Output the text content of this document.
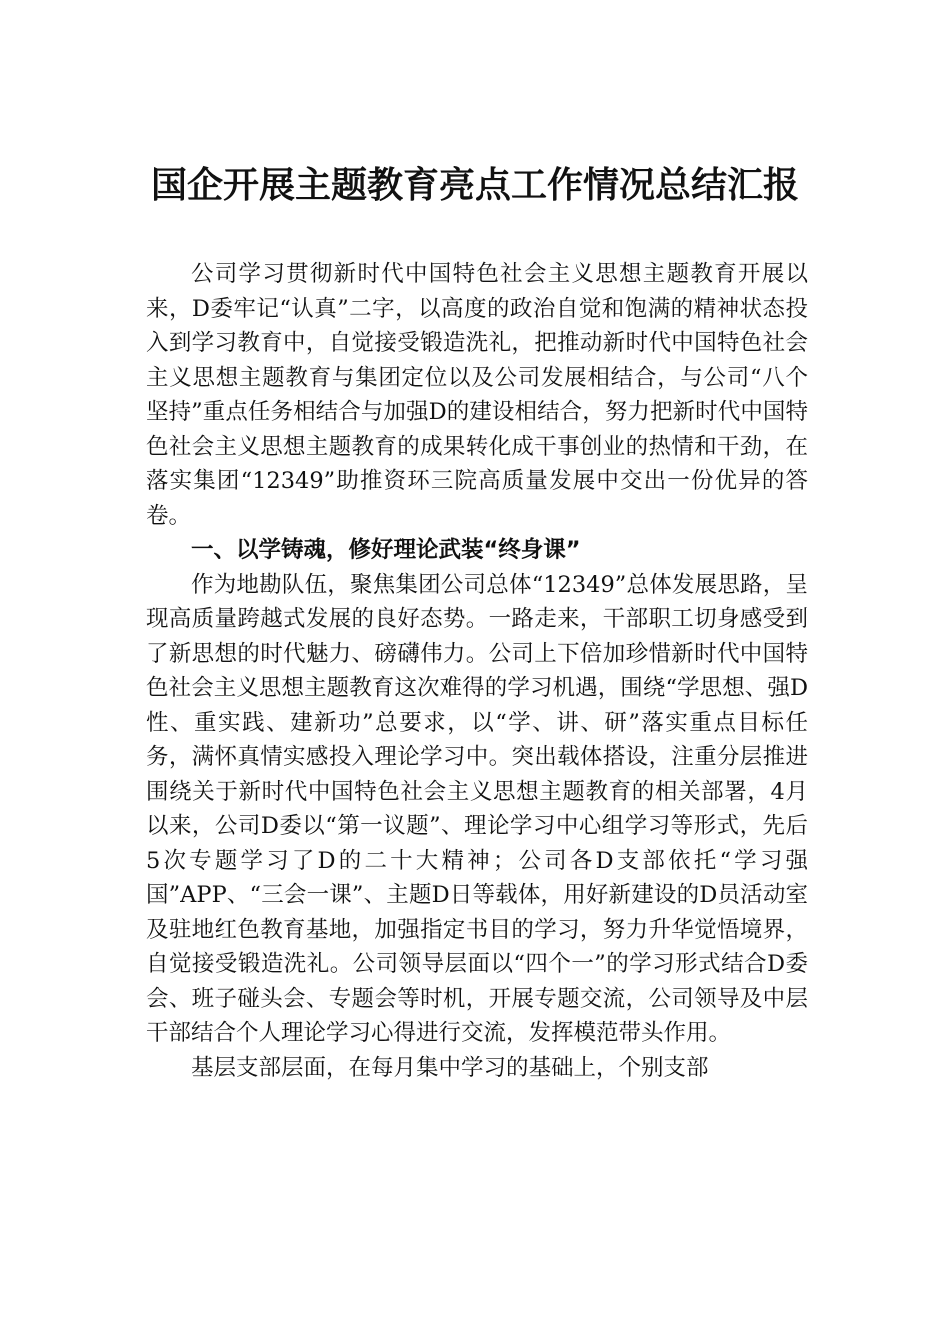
国企开展主题教育亮点工作情况总结汇报

公司学习贯彻新时代中国特色社会主义思想主题教育开展以来，D委牢记“认真”二字，以高度的政治自觉和饱满的精神状态投入到学习教育中，自觉接受锻造洗礼，把推动新时代中国特色社会主义思想主题教育与集团定位以及公司发展相结合，与公司“八个坚持”重点任务相结合与加强D的建设相结合，努力把新时代中国特色社会主义思想主题教育的成果转化成干事创业的热情和干劲，在落实集团“12349”助推资环三院高质量发展中交出一份优异的答卷。

一、以学铸魂，修好理论武装“终身课”

作为地勘队伍，聚焦集团公司总体“12349”总体发展思路，呈现高质量跨越式发展的良好态势。一路走来，干部职工切身感受到了新思想的时代魅力、磅礴伟力。公司上下倍加珍惜新时代中国特色社会主义思想主题教育这次难得的学习机遇，围绕“学思想、强D性、重实践、建新功”总要求，以“学、讲、研”落实重点目标任务，满怀真情实感投入理论学习中。突出载体搭设，注重分层推进围绕关于新时代中国特色社会主义思想主题教育的相关部署，4月以来，公司D委以“第一议题”、理论学习中心组学习等形式，先后5次专题学习了D的二十大精神；公司各D支部依托“学习强国”APP、“三会一课”、主题D日等载体，用好新建设的D员活动室及驻地红色教育基地，加强指定书目的学习，努力升华觉悟境界，自觉接受锻造洗礼。公司领导层面以“四个一”的学习形式结合D委会、班子碰头会、专题会等时机，开展专题交流，公司领导及中层干部结合个人理论学习心得进行交流，发挥模范带头作用。

基层支部层面，在每月集中学习的基础上，个别支部
